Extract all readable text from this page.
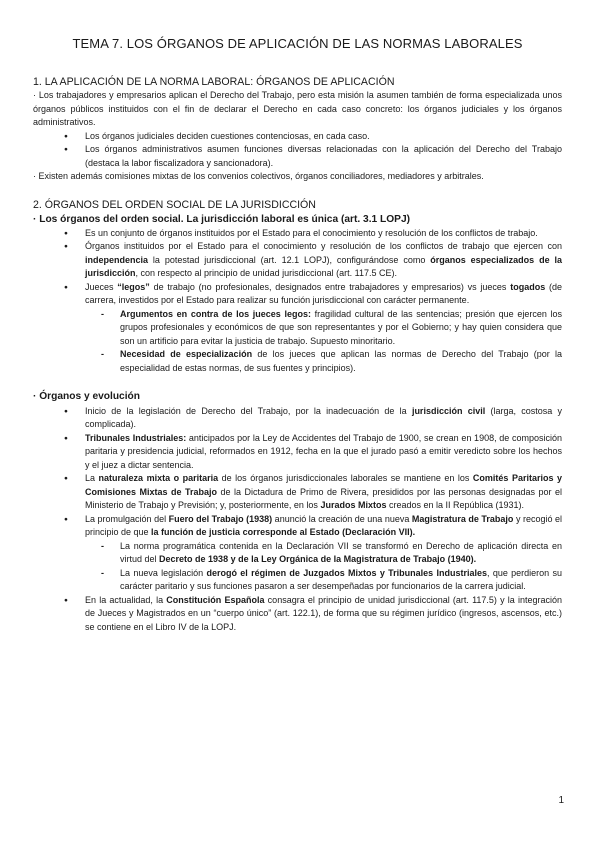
TEMA 7. LOS ÓRGANOS DE APLICACIÓN DE LAS NORMAS LABORALES
1. LA APLICACIÓN DE LA NORMA LABORAL: ÓRGANOS DE APLICACIÓN

· Los trabajadores y empresarios aplican el Derecho del Trabajo, pero esta misión la asumen también de forma especializada unos órganos públicos instituidos con el fin de declarar el Derecho en cada caso concreto: los órganos judiciales y los órganos administrativos.

● Los órganos judiciales deciden cuestiones contenciosas, en cada caso.
● Los órganos administrativos asumen funciones diversas relacionadas con la aplicación del Derecho del Trabajo (destaca la labor fiscalizadora y sancionadora).

· Existen además comisiones mixtas de los convenios colectivos, órganos conciliadores, mediadores y arbitrales.

2. ÓRGANOS DEL ORDEN SOCIAL DE LA JURISDICCIÓN

· Los órganos del orden social. La jurisdicción laboral es única (art. 3.1 LOPJ)

● Es un conjunto de órganos instituidos por el Estado para el conocimiento y resolución de los conflictos de trabajo.
● Órganos instituidos por el Estado para el conocimiento y resolución de los conflictos de trabajo que ejercen con independencia la potestad jurisdiccional (art. 12.1 LOPJ), configurándose como órganos especializados de la jurisdicción, con respecto al principio de unidad jurisdiccional (art. 117.5 CE).
● Jueces “legos” de trabajo (no profesionales, designados entre trabajadores y empresarios) vs jueces togados (de carrera, investidos por el Estado para realizar su función jurisdiccional con carácter permanente.
- Argumentos en contra de los jueces legos: fragilidad cultural de las sentencias; presión que ejercen los grupos profesionales y económicos de que son representantes y por el Gobierno; y hay quien considera que son un artificio para evitar la justicia de trabajo. Supuesto minoritario.
- Necesidad de especialización de los jueces que aplican las normas de Derecho del Trabajo (por la especialidad de estas normas, de sus fuentes y principios).

· Órganos y evolución

● Inicio de la legislación de Derecho del Trabajo, por la inadecuación de la jurisdicción civil (larga, costosa y complicada).
● Tribunales Industriales: anticipados por la Ley de Accidentes del Trabajo de 1900, se crean en 1908, de composición paritaria y presidencia judicial, reformados en 1912, fecha en la que el jurado pasó a emitir veredicto sobre los hechos y el juez a dictar sentencia.
● La naturaleza mixta o paritaria de los órganos jurisdiccionales laborales se mantiene en los Comités Paritarios y Comisiones Mixtas de Trabajo de la Dictadura de Primo de Rivera, presididos por las personas designadas por el Ministerio de Trabajo y Previsión; y, posteriormente, en los Jurados Mixtos creados en la II República (1931).
● La promulgación del Fuero del Trabajo (1938) anunció la creación de una nueva Magistratura de Trabajo y recogió el principio de que la función de justicia corresponde al Estado (Declaración VII).
- La norma programática contenida en la Declaración VII se transformó en Derecho de aplicación directa en virtud del Decreto de 1938 y de la Ley Orgánica de la Magistratura de Trabajo (1940).
- La nueva legislación derogó el régimen de Juzgados Mixtos y Tribunales Industriales, que perdieron su carácter paritario y sus funciones pasaron a ser desempeñadas por funcionarios de la carrera judicial.
● En la actualidad, la Constitución Española consagra el principio de unidad jurisdiccional (art. 117.5) y la integración de Jueces y Magistrados en un “cuerpo único” (art. 122.1), de forma que su régimen jurídico (ingresos, ascensos, etc.) se contiene en el Libro IV de la LOPJ.
1
